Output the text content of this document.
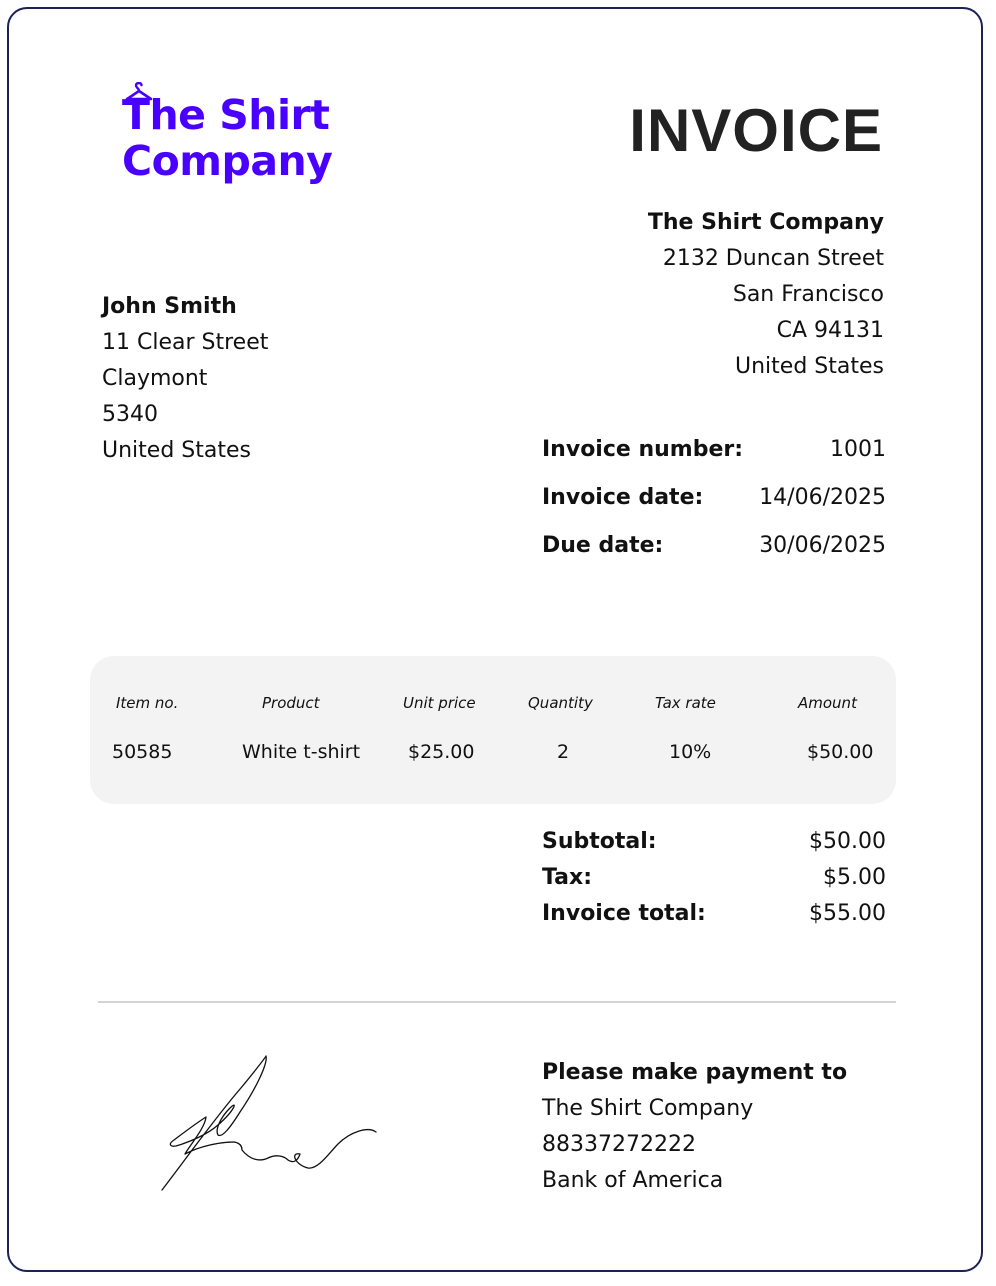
The Shirt
Company	INVOICE
The Shirt Company
2132 Duncan Street
San Francisco
CA 94131
United States
John Smith
11 Clear Street
Claymont
5340
United States	Invoice number:	1001
Invoice date:	14/06/2025
Due date:	30/06/2025
Item no.	Product	Unit price	Quantity	Tax rate	Amount
50585	White t-shirt	$25.00	2	10%	$50.00
Subtotal:	$50.00
Tax:	$5.00
Invoice total:	$55.00
Please make payment to
The Shirt Company
88337272222
Bank of America
